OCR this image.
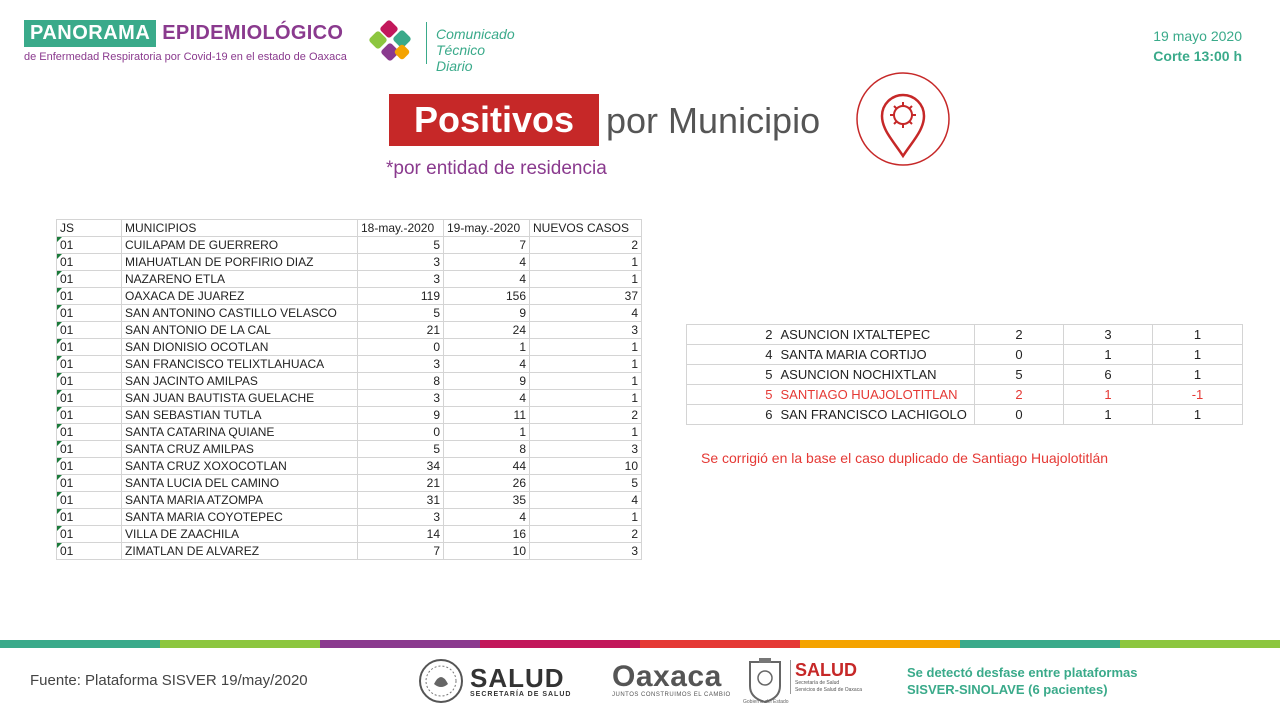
PANORAMA EPIDEMIOLÓGICO
de Enfermedad Respiratoria por Covid-19 en el estado de Oaxaca
Comunicado
Técnico Diario
19 mayo 2020
Corte 13:00 h
Positivos por Municipio
*por entidad de residencia
JS	MUNICIPIOS	18-may.-2020	19-may.-2020	NUEVOS CASOS

01	CUILAPAM DE GUERRERO	5	7	2

01	MIAHUATLAN DE PORFIRIO DIAZ	3	4	1

01	NAZARENO ETLA	3	4	1

01	OAXACA DE JUAREZ	119	156	37

01	SAN ANTONINO CASTILLO VELASCO	5	9	4

01	SAN ANTONIO DE LA CAL	21	24	3

01	SAN DIONISIO OCOTLAN	0	1	1

01	SAN FRANCISCO TELIXTLAHUACA	3	4	1

01	SAN JACINTO AMILPAS	8	9	1

01	SAN JUAN BAUTISTA GUELACHE	3	4	1

01	SAN SEBASTIAN TUTLA	9	11	2

01	SANTA CATARINA QUIANE	0	1	1

01	SANTA CRUZ AMILPAS	5	8	3

01	SANTA CRUZ XOXOCOTLAN	34	44	10

01	SANTA LUCIA DEL CAMINO	21	26	5

01	SANTA MARIA ATZOMPA	31	35	4

01	SANTA MARIA COYOTEPEC	3	4	1

01	VILLA DE ZAACHILA	14	16	2

01	ZIMATLAN DE ALVAREZ	7	10	3
2	ASUNCION IXTALTEPEC	2	3	1
4	SANTA MARIA CORTIJO	0	1	1
5	ASUNCION NOCHIXTLAN	5	6	1
5	SANTIAGO HUAJOLOTITLAN	2	1	-1
6	SAN FRANCISCO LACHIGOLO	0	1	1
Se corrigió en la base el caso duplicado de Santiago Huajolotitlán
Fuente: Plataforma SISVER 19/may/2020	SALUD
SECRETARÍA DE SALUD
Oaxaca
JUNTOS CONSTRUIMOS EL CAMBIO
Gobierno del Estado
SALUD
Secretaría de Salud
Servicios de Salud de Oaxaca
Se detectó desfase entre plataformas
SISVER-SINOLAVE (6 pacientes)
